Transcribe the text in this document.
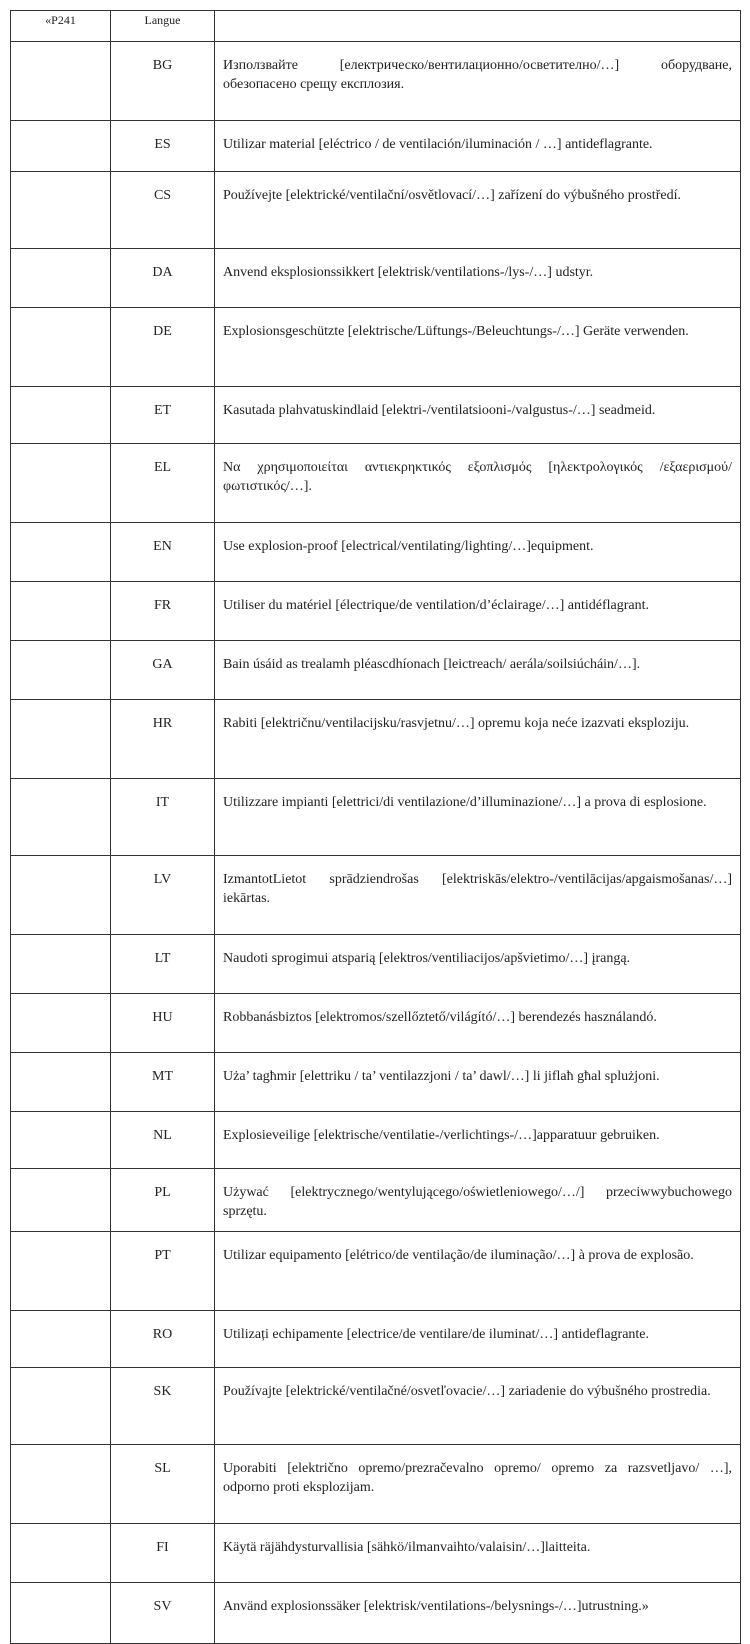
«P241	Langue	
	BG	Използвайте [електрическо/вентилационно/осветително/…] оборудване, обезопасено срещу експлозия.
	ES	Utilizar material [eléctrico / de ventilación/iluminación / …] antideflagrante.
	CS	Používejte [elektrické/ventilační/osvětlovací/…] zařízení do výbušného prostředí.
	DA	Anvend eksplosionssikkert [elektrisk/ventilations-/lys-/…] udstyr.
	DE	Explosionsgeschützte [elektrische/Lüftungs-/Beleuchtungs-/…] Geräte verwenden.
	ET	Kasutada plahvatuskindlaid [elektri-/ventilatsiooni-/valgustus-/…] seadmeid.
	EL	Να χρησιμοποιείται αντιεκρηκτικός εξοπλισμός [ηλεκτρολογικός /εξαερισμού/ φωτιστικός/…].
	EN	Use explosion-proof [electrical/ventilating/lighting/…]equipment.
	FR	Utiliser du matériel [électrique/de ventilation/d’éclairage/…] antidéflagrant.
	GA	Bain úsáid as trealamh pléascdhíonach [leictreach/ aerála/soilsiúcháin/…].
	HR	Rabiti [električnu/ventilacijsku/rasvjetnu/…] opremu koja neće izazvati eksploziju.
	IT	Utilizzare impianti [elettrici/di ventilazione/d’illuminazione/…] a prova di esplosione.
	LV	IzmantotLietot sprādziendrošas [elektriskās/elektro-/ventilācijas/apgaismošanas/…] iekārtas.
	LT	Naudoti sprogimui atsparią [elektros/ventiliacijos/apšvietimo/…] įrangą.
	HU	Robbanásbiztos [elektromos/szellőztető/világító/…] berendezés használandó.
	MT	Uża’ tagħmir [elettriku / ta’ ventilazzjoni / ta’ dawl/…] li jiflaħ għal splużjoni.
	NL	Explosieveilige [elektrische/ventilatie-/verlichtings-/…]apparatuur gebruiken.
	PL	Używać [elektrycznego/wentylującego/oświetleniowego/…/] przeciwwybuchowego sprzętu.
	PT	Utilizar equipamento [elétrico/de ventilação/de iluminação/…] à prova de explosão.
	RO	Utilizați echipamente [electrice/de ventilare/de iluminat/…] antideflagrante.
	SK	Používajte [elektrické/ventilačné/osvetľovacie/…] zariadenie do výbušného prostredia.
	SL	Uporabiti [električno opremo/prezračevalno opremo/ opremo za razsvetljavo/ …], odporno proti eksplozijam.
	FI	Käytä räjähdysturvallisia [sähkö/ilmanvaihto/valaisin/…]laitteita.
	SV	Använd explosionssäker [elektrisk/ventilations-/belysnings-/…]utrustning.»
